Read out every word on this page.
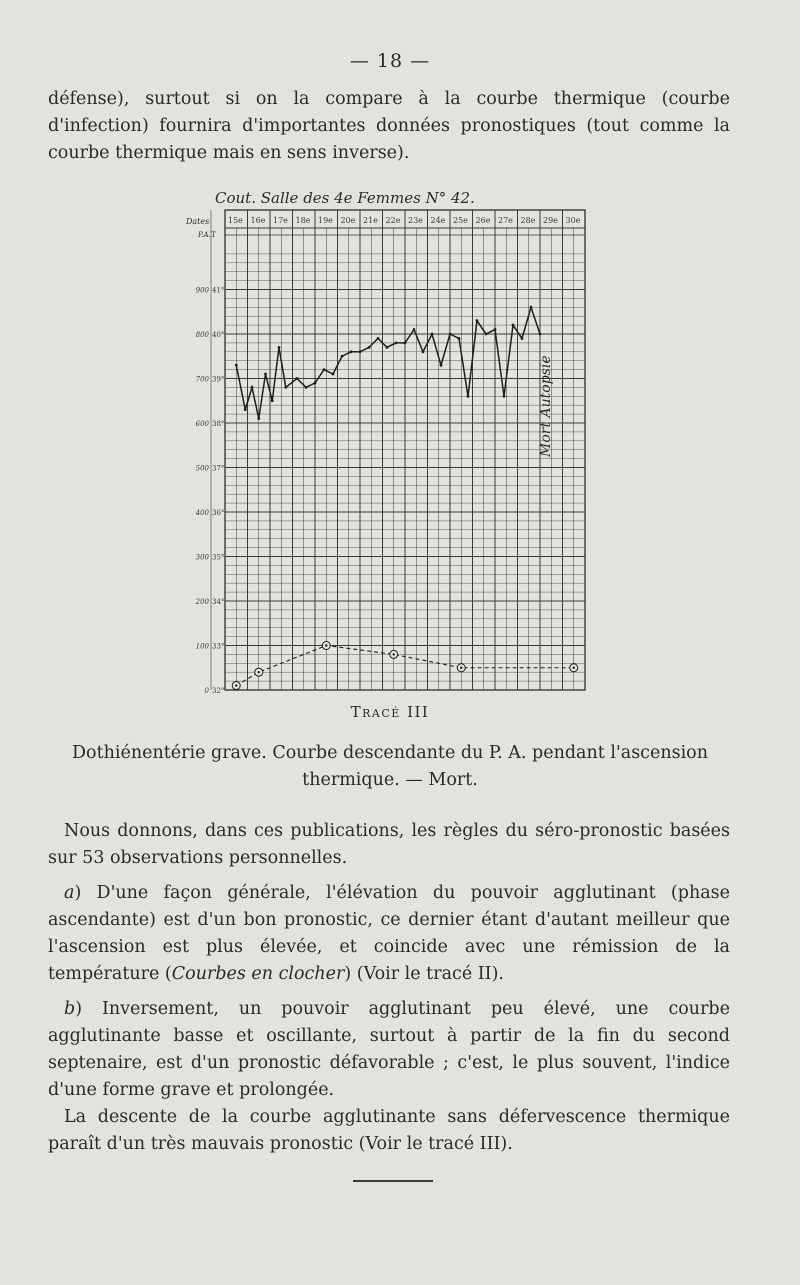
— 18 —

défense), surtout si on la compare à la courbe thermique (courbe d'infection) fournira d'importantes données pronostiques (tout comme la courbe thermique mais en sens inverse).

Cout. Salle des 4e Femmes N° 42.
Dates
P.A. T
15e 16e 17e 18e 19e 20e 21e 22e 23e 24e 25e 26e 27e 28e 29e 30e
41°
40°
39°
38°
37°
36°
35°
34°
33°
32°
900
800
700
600
500
400
300
200
100
0
Mort Autopsie
Tracé III
Dothiénentérie grave. Courbe descendante du P. A. pendant l'ascension thermique. — Mort.

Nous donnons, dans ces publications, les règles du séro-pronostic basées sur 53 observations personnelles.

a) D'une façon générale, l'élévation du pouvoir agglutinant (phase ascendante) est d'un bon pronostic, ce dernier étant d'autant meilleur que l'ascension est plus élevée, et coincide avec une rémission de la température (Courbes en clocher) (Voir le tracé II).

b) Inversement, un pouvoir agglutinant peu élevé, une courbe agglutinante basse et oscillante, surtout à partir de la fin du second septenaire, est d'un pronostic défavorable ; c'est, le plus souvent, l'indice d'une forme grave et prolongée.

La descente de la courbe agglutinante sans défervescence thermique paraît d'un très mauvais pronostic (Voir le tracé III).
